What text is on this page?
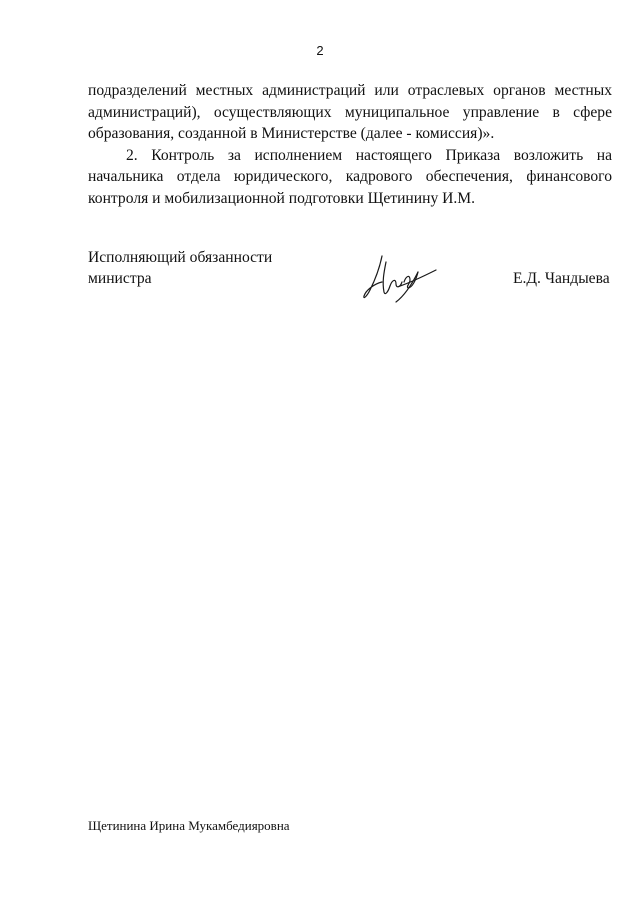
2

подразделений местных администраций или отраслевых органов местных администраций), осуществляющих муниципальное управление в сфере образования, созданной в Министерстве (далее - комиссия)».

2. Контроль за исполнением настоящего Приказа возложить на начальника отдела юридического, кадрового обеспечения, финансового контроля и мобилизационной подготовки Щетинину И.М.

Исполняющий обязанности
министра	Е.Д. Чандыева
Щетинина Ирина Мукамбедияровна
